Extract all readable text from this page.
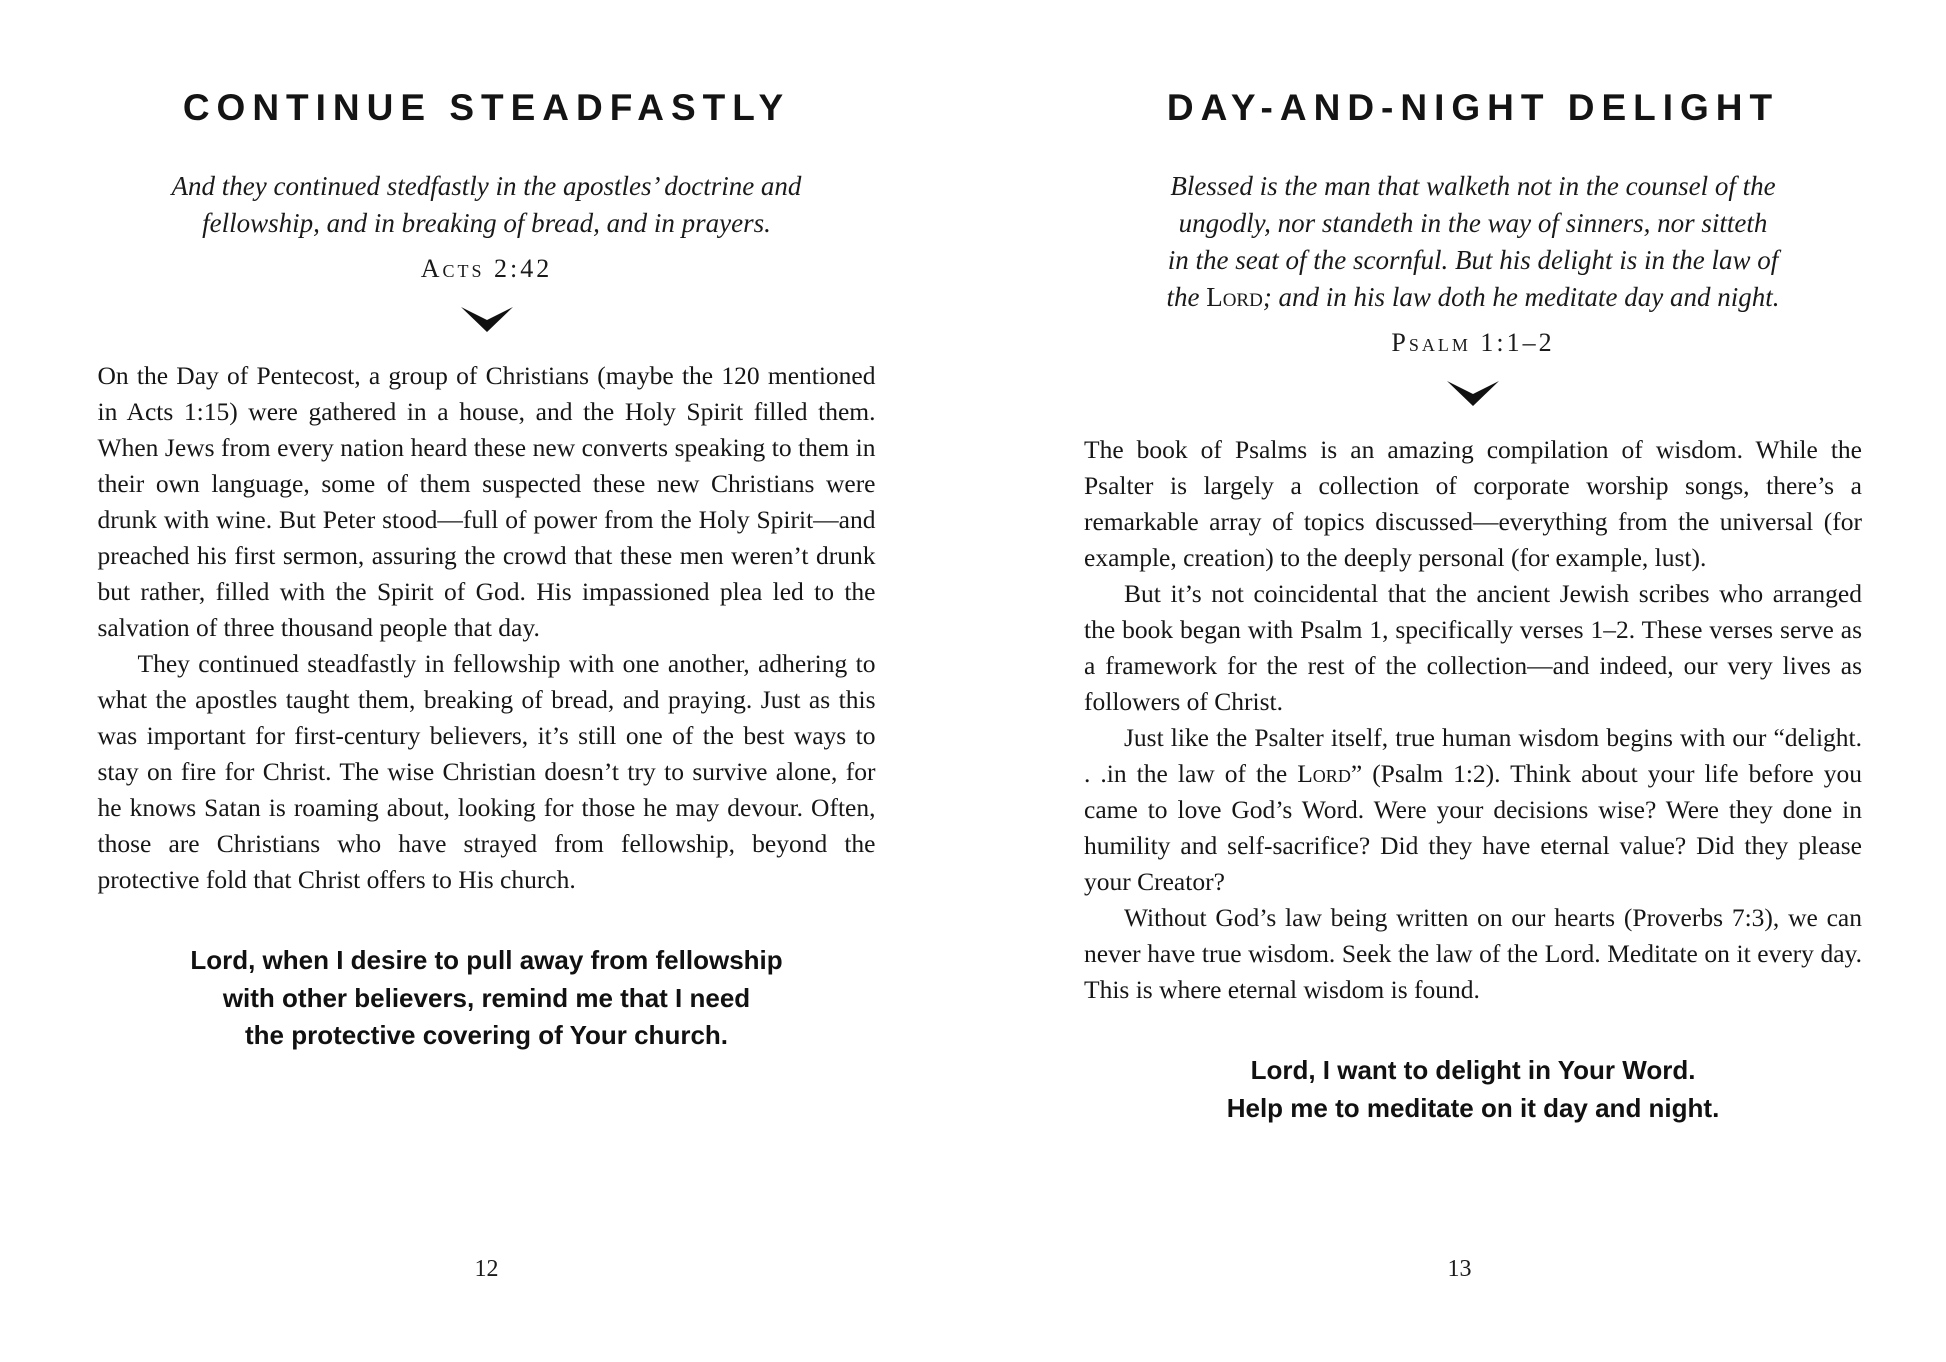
CONTINUE STEADFASTLY
And they continued stedfastly in the apostles’ doctrine and
fellowship, and in breaking of bread, and in prayers.
Acts 2:42

On the Day of Pentecost, a group of Christians (maybe the 120 mentioned in Acts 1:15) were gathered in a house, and the Holy Spirit filled them. When Jews from every nation heard these new converts speaking to them in their own language, some of them suspected these new Christians were drunk with wine. But Peter stood—full of power from the Holy Spirit—and preached his first sermon, assuring the crowd that these men weren’t drunk but rather, filled with the Spirit of God. His impassioned plea led to the salvation of three thousand people that day.

They continued steadfastly in fellowship with one another, adhering to what the apostles taught them, breaking of bread, and praying. Just as this was important for first-century believers, it’s still one of the best ways to stay on fire for Christ. The wise Christian doesn’t try to survive alone, for he knows Satan is roaming about, looking for those he may devour. Often, those are Christians who have strayed from fellowship, beyond the protective fold that Christ offers to His church.

Lord, when I desire to pull away from fellowship
with other believers, remind me that I need
the protective covering of Your church.
12
DAY-AND-NIGHT DELIGHT
Blessed is the man that walketh not in the counsel of the
ungodly, nor standeth in the way of sinners, nor sitteth
in the seat of the scornful. But his delight is in the law of
the Lord; and in his law doth he meditate day and night.
Psalm 1:1–2

The book of Psalms is an amazing compilation of wisdom. While the Psalter is largely a collection of corporate worship songs, there’s a remarkable array of topics discussed—everything from the universal (for example, creation) to the deeply personal (for example, lust).

But it’s not coincidental that the ancient Jewish scribes who arranged the book began with Psalm 1, specifically verses 1–2. These verses serve as a framework for the rest of the collection—and indeed, our very lives as followers of Christ.

Just like the Psalter itself, true human wisdom begins with our “delight. . .in the law of the Lord” (Psalm 1:2). Think about your life before you came to love God’s Word. Were your decisions wise? Were they done in humility and self-sacrifice? Did they have eternal value? Did they please your Creator?

Without God’s law being written on our hearts (Proverbs 7:3), we can never have true wisdom. Seek the law of the Lord. Meditate on it every day. This is where eternal wisdom is found.

Lord, I want to delight in Your Word.
Help me to meditate on it day and night.
13
